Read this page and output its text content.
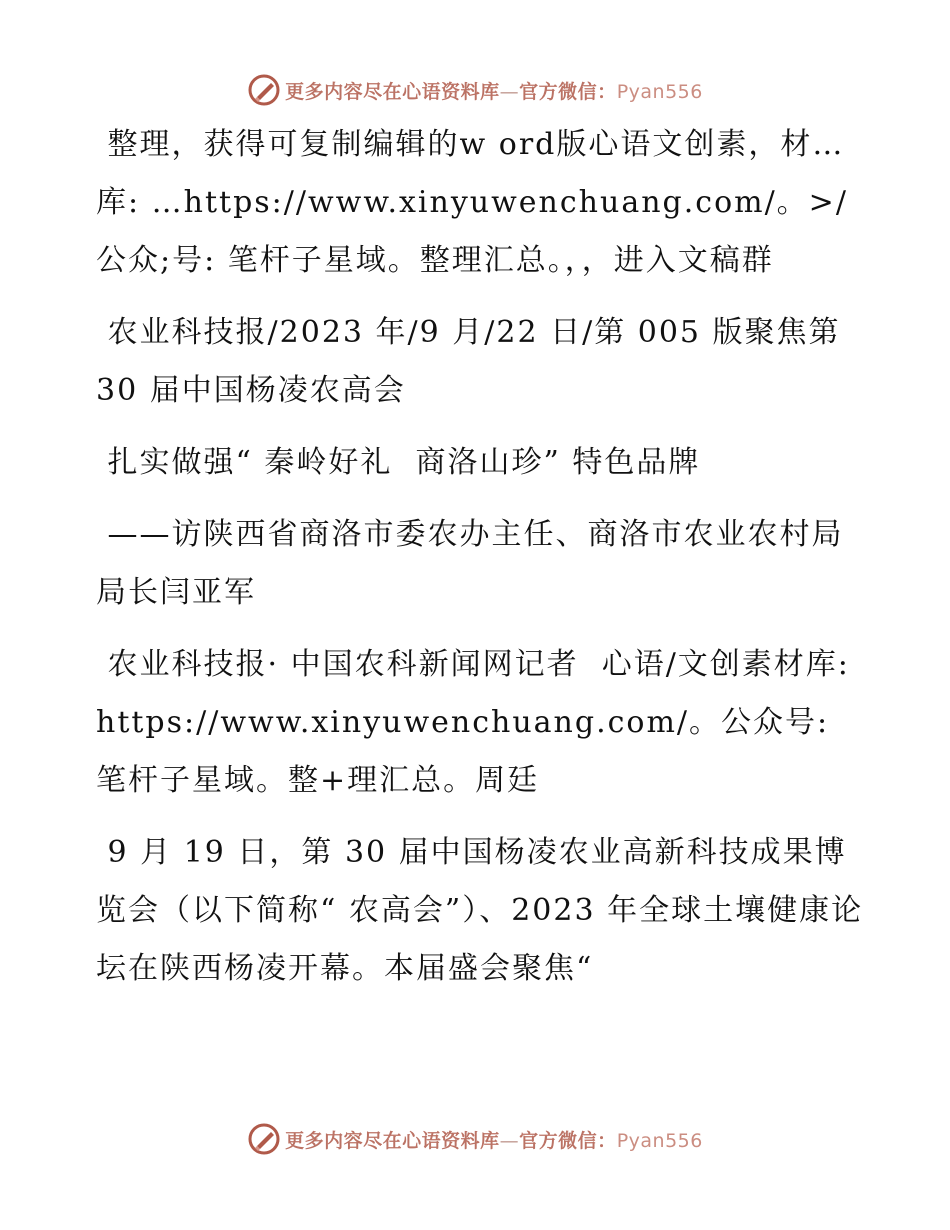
更多内容尽在心语资料库—官方微信：Pyan556

整理，获得可复制编辑的w ord版心语文创素，材…库: …https://www.xinyuwenchuang.com/。>/公众;号: 笔杆子星域。整理汇总。，，进入文稿群

农业科技报/2023 年/9 月/22 日/第 005 版聚焦第 30 届中国杨凌农高会

扎实做强“ 秦岭好礼  商洛山珍” 特色品牌

——访陕西省商洛市委农办主任、商洛市农业农村局局长闫亚军

农业科技报· 中国农科新闻网记者  心语/文创素材库: https://www.xinyuwenchuang.com/。公众号: 笔杆子星域。整+理汇总。周廷

9 月 19 日，第 30 届中国杨凌农业高新科技成果博览会（以下简称“ 农高会”）、2023 年全球土壤健康论坛在陕西杨凌开幕。本届盛会聚焦“

更多内容尽在心语资料库—官方微信：Pyan556
